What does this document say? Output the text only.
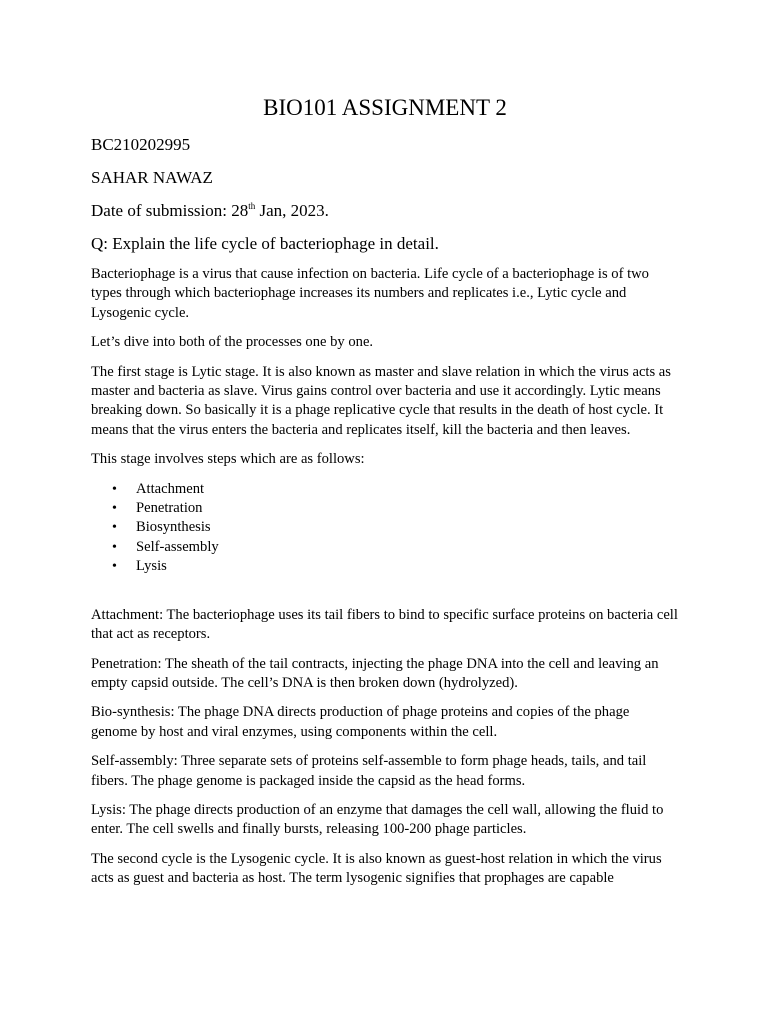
BIO101 ASSIGNMENT 2

BC210202995

SAHAR NAWAZ

Date of submission: 28th Jan, 2023.

Q: Explain the life cycle of bacteriophage in detail.

Bacteriophage is a virus that cause infection on bacteria. Life cycle of a bacteriophage is of two types through which bacteriophage increases its numbers and replicates i.e., Lytic cycle and Lysogenic cycle.

Let’s dive into both of the processes one by one.

The first stage is Lytic stage. It is also known as master and slave relation in which the virus acts as master and bacteria as slave. Virus gains control over bacteria and use it accordingly. Lytic means breaking down. So basically it is a phage replicative cycle that results in the death of host cycle. It means that the virus enters the bacteria and replicates itself, kill the bacteria and then leaves.

This stage involves steps which are as follows:

• Attachment
• Penetration
• Biosynthesis
• Self-assembly
• Lysis

Attachment: The bacteriophage uses its tail fibers to bind to specific surface proteins on bacteria cell that act as receptors.

Penetration: The sheath of the tail contracts, injecting the phage DNA into the cell and leaving an empty capsid outside. The cell’s DNA is then broken down (hydrolyzed).

Bio-synthesis: The phage DNA directs production of phage proteins and copies of the phage genome by host and viral enzymes, using components within the cell.

Self-assembly: Three separate sets of proteins self-assemble to form phage heads, tails, and tail fibers. The phage genome is packaged inside the capsid as the head forms.

Lysis: The phage directs production of an enzyme that damages the cell wall, allowing the fluid to enter. The cell swells and finally bursts, releasing 100-200 phage particles.

The second cycle is the Lysogenic cycle. It is also known as guest-host relation in which the virus acts as guest and bacteria as host. The term lysogenic signifies that prophages are capable
